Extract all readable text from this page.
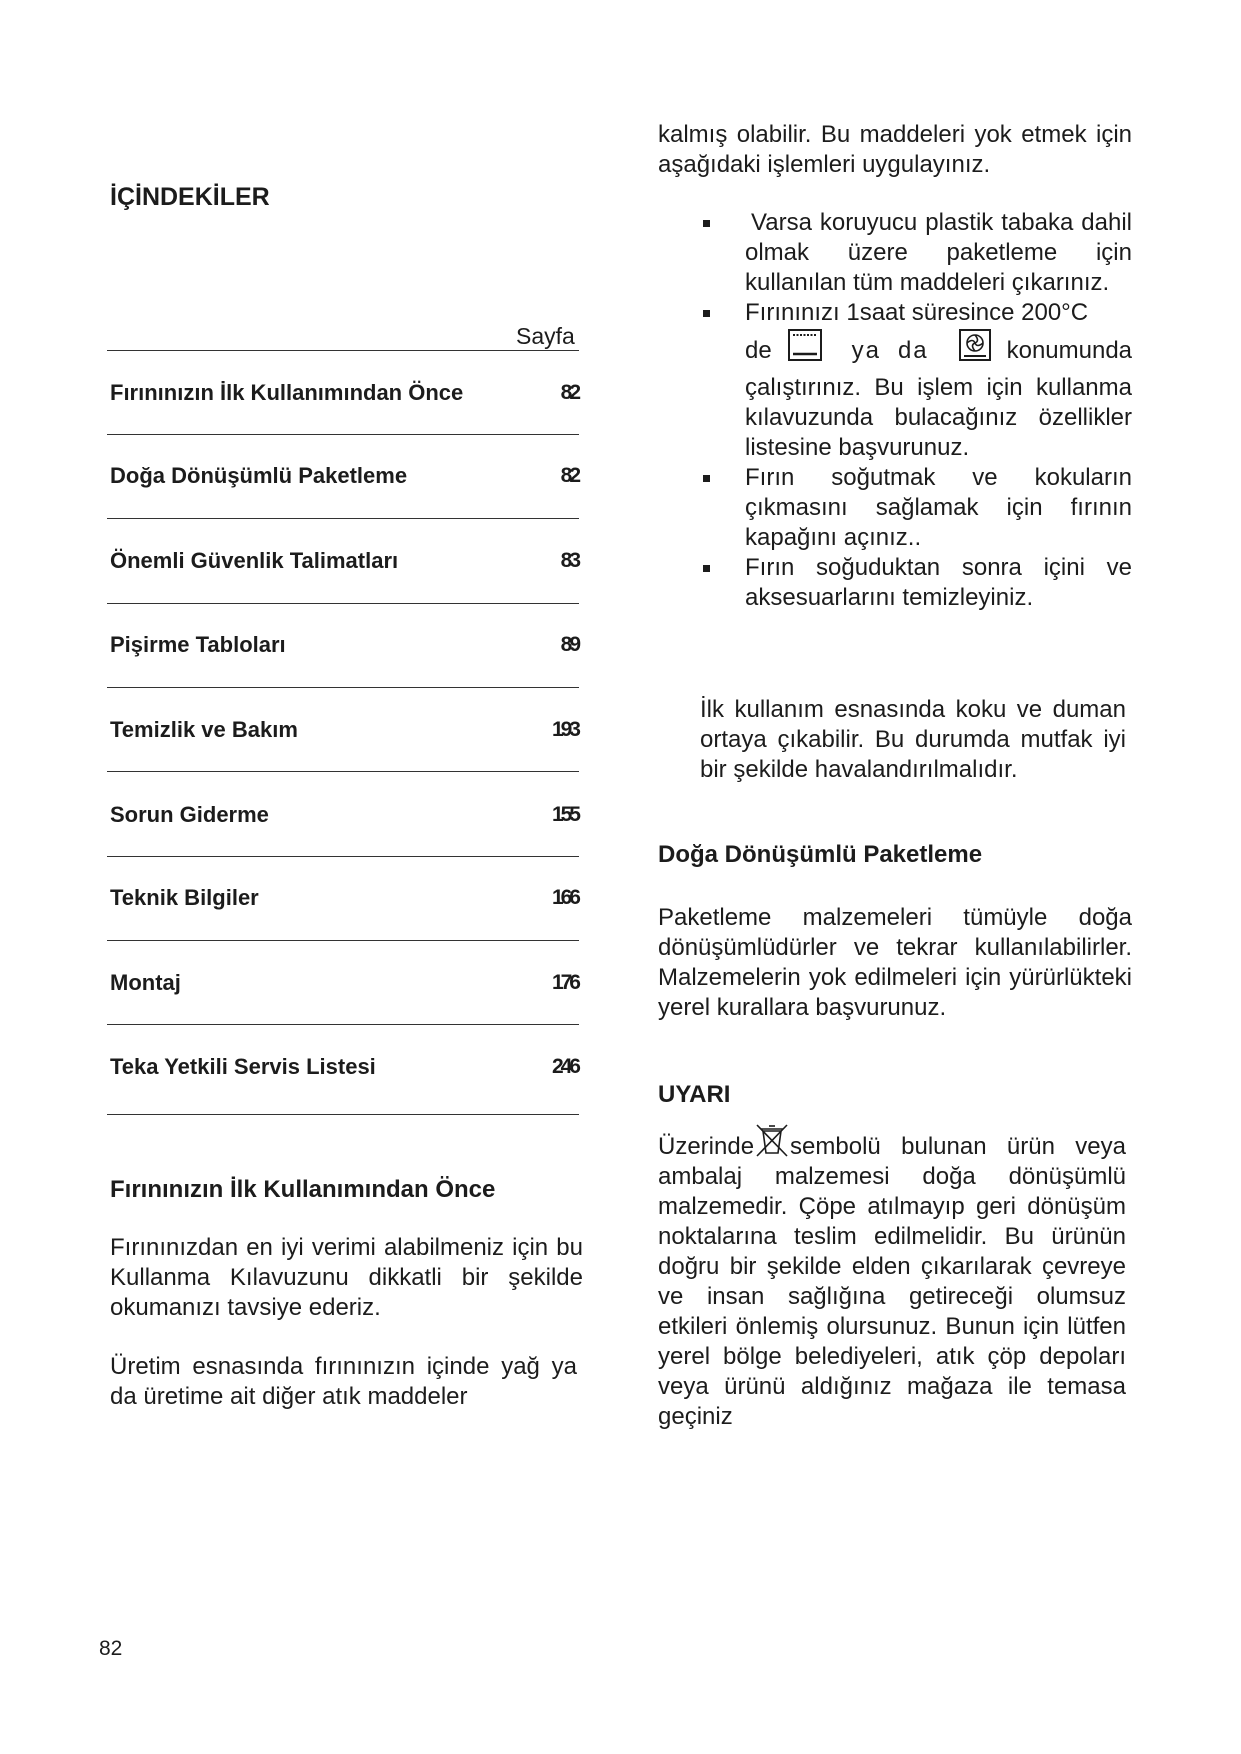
İÇİNDEKİLER
Sayfa
Fırınınızın İlk Kullanımından Önce	82
Doğa Dönüşümlü Paketleme	82
Önemli Güvenlik Talimatları	83
Pişirme Tabloları	89
Temizlik ve Bakım	193
Sorun Giderme	155
Teknik Bilgiler	166
Montaj	176
Teka Yetkili Servis Listesi	246
Fırınınızın İlk Kullanımından Önce

Fırınınızdan en iyi verimi alabilmeniz için bu Kullanma Kılavuzunu dikkatli bir şekilde okumanızı tavsiye ederiz.

Üretim esnasında fırınınızın içinde yağ ya da üretime ait diğer atık maddeler

kalmış olabilir. Bu maddeleri yok etmek için aşağıdaki işlemleri uygulayınız.

Varsa koruyucu plastik tabaka dahil olmak üzere paketleme için kullanılan tüm maddeleri çıkarınız.

Fırınınızı 1saat süresince 200°C
de	ya da	konumunda çalıştırınız. Bu işlem için kullanma kılavuzunda bulacağınız özellikler listesine başvurunuz.

Fırın soğutmak ve kokuların çıkmasını sağlamak için fırının kapağını açınız..

Fırın soğuduktan sonra içini ve aksesuarlarını temizleyiniz.

İlk kullanım esnasında koku ve duman ortaya çıkabilir. Bu durumda mutfak iyi bir şekilde havalandırılmalıdır.

Doğa Dönüşümlü Paketleme

Paketleme malzemeleri tümüyle doğa dönüşümlüdürler ve tekrar kullanılabilirler. Malzemelerin yok edilmeleri için yürürlükteki yerel kurallara başvurunuz.

UYARI

Üzerinde sembolü bulunan ürün veya ambalaj malzemesi doğa dönüşümlü malzemedir. Çöpe atılmayıp geri dönüşüm noktalarına teslim edilmelidir. Bu ürünün doğru bir şekilde elden çıkarılarak çevreye ve insan sağlığına getireceği olumsuz etkileri önlemiş olursunuz. Bunun için lütfen yerel bölge belediyeleri, atık çöp depoları veya ürünü aldığınız mağaza ile temasa geçiniz

82
